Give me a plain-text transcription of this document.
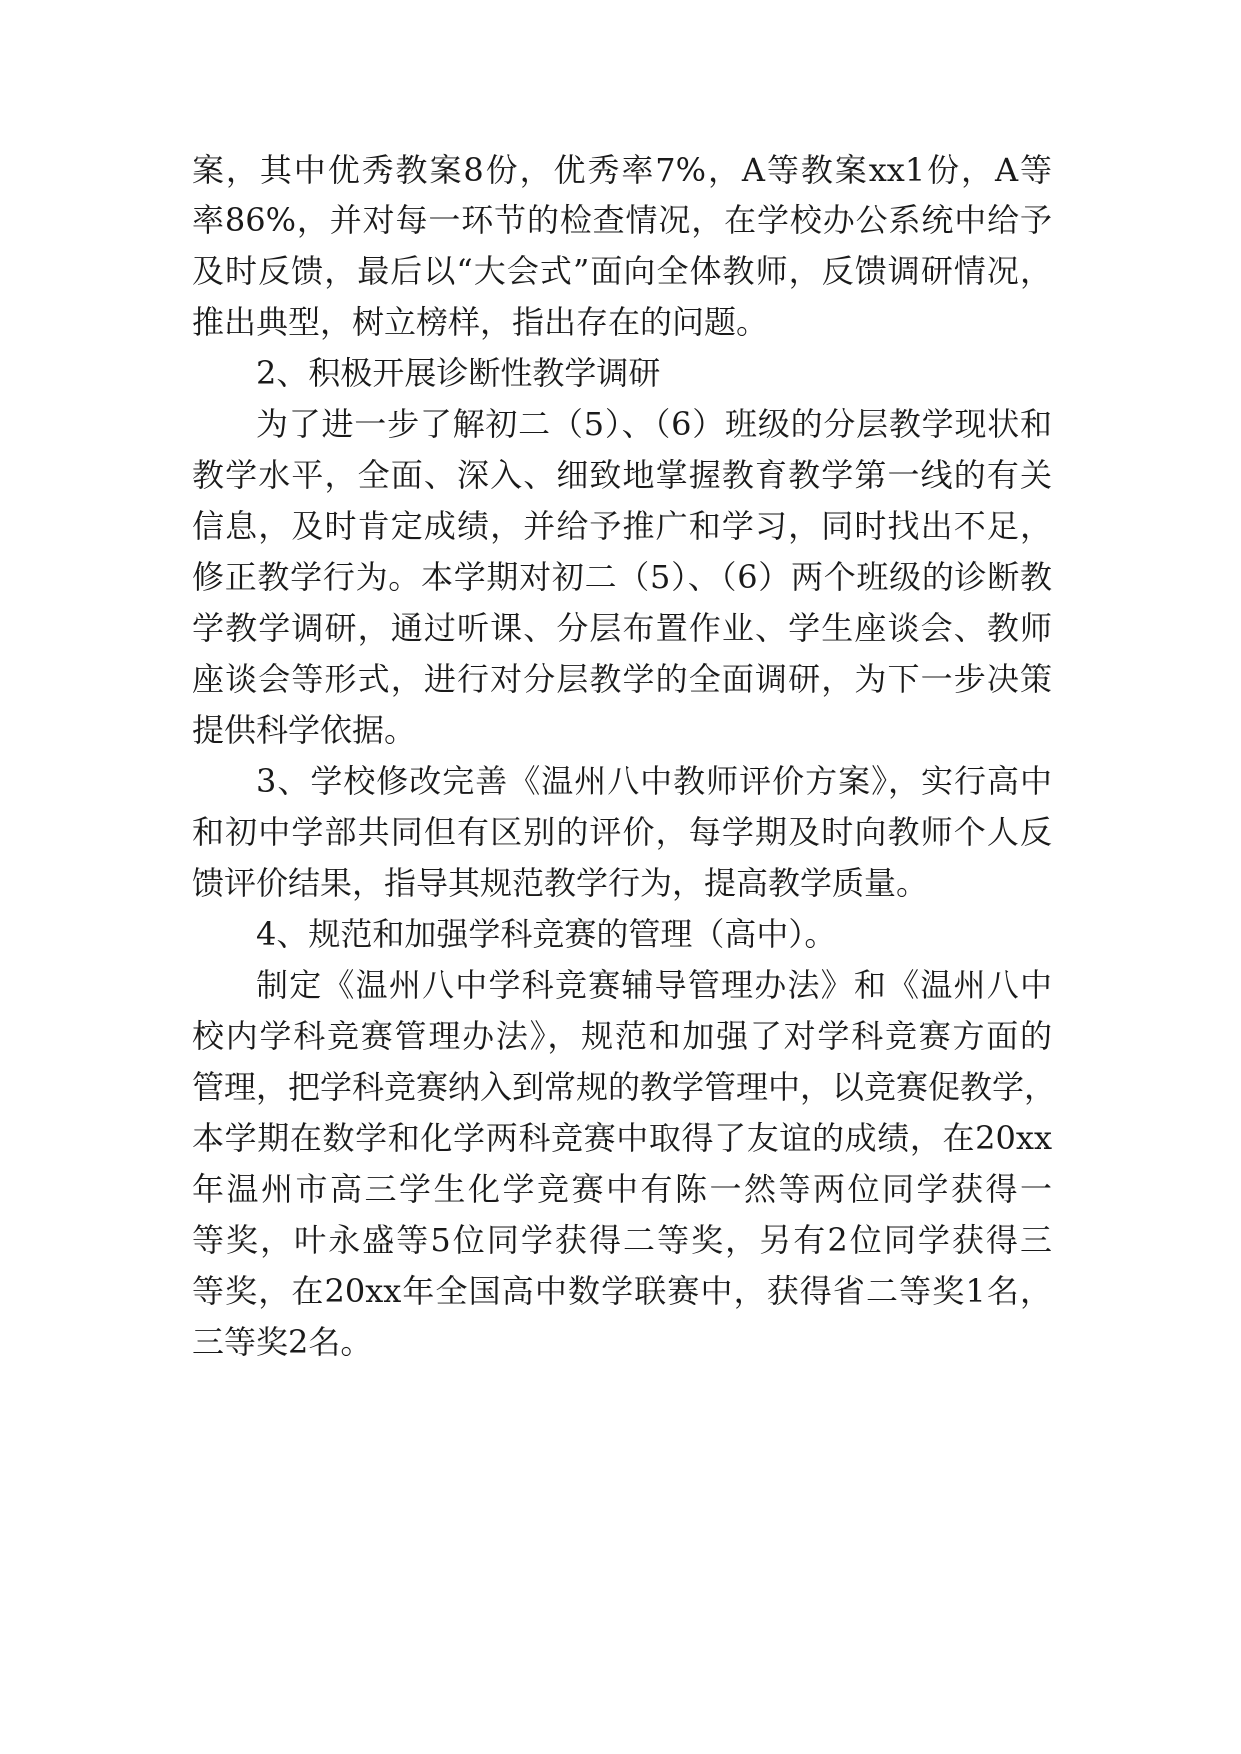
案，其中优秀教案8份，优秀率7%，A等教案xx1份，A等

率86%，并对每一环节的检查情况，在学校办公系统中给予

及时反馈，最后以“大会式”面向全体教师，反馈调研情况，

推出典型，树立榜样，指出存在的问题。

2、积极开展诊断性教学调研

为了进一步了解初二（5）、（6）班级的分层教学现状和

教学水平，全面、深入、细致地掌握教育教学第一线的有关

信息，及时肯定成绩，并给予推广和学习，同时找出不足，

修正教学行为。本学期对初二（5）、（6）两个班级的诊断教

学教学调研，通过听课、分层布置作业、学生座谈会、教师

座谈会等形式，进行对分层教学的全面调研，为下一步决策

提供科学依据。

3、学校修改完善《温州八中教师评价方案》，实行高中

和初中学部共同但有区别的评价，每学期及时向教师个人反

馈评价结果，指导其规范教学行为，提高教学质量。

4、规范和加强学科竞赛的管理（高中）。

制定《温州八中学科竞赛辅导管理办法》和《温州八中

校内学科竞赛管理办法》，规范和加强了对学科竞赛方面的

管理，把学科竞赛纳入到常规的教学管理中，以竞赛促教学，

本学期在数学和化学两科竞赛中取得了友谊的成绩，在20xx

年温州市高三学生化学竞赛中有陈一然等两位同学获得一

等奖，叶永盛等5位同学获得二等奖，另有2位同学获得三

等奖，在20xx年全国高中数学联赛中，获得省二等奖1名，

三等奖2名。
